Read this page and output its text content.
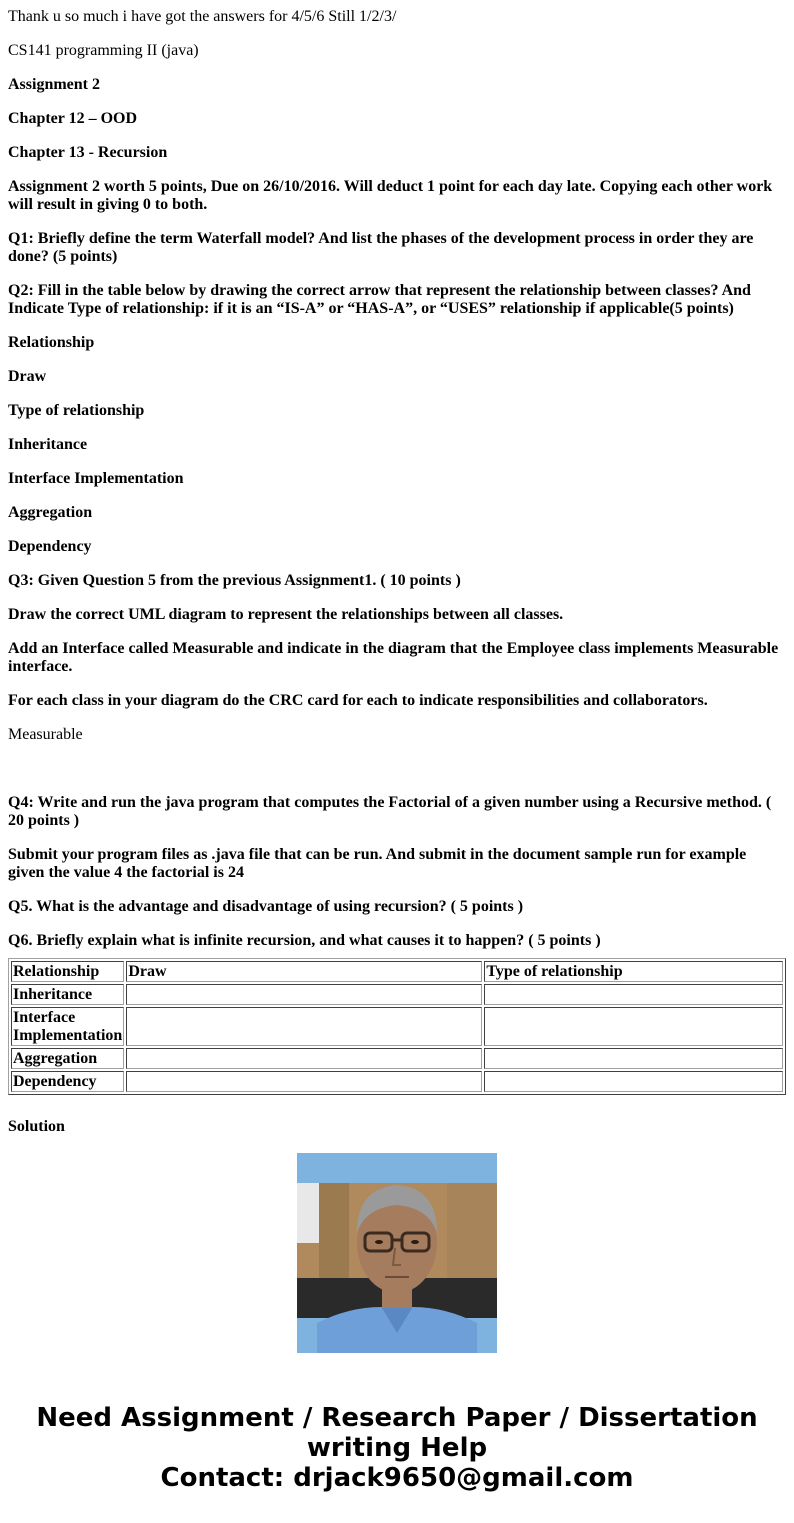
Thank u so much i have got the answers for 4/5/6 Still 1/2/3/

CS141 programming II (java)

Assignment 2

Chapter 12 – OOD

Chapter 13 - Recursion

Assignment 2 worth 5 points, Due on 26/10/2016. Will deduct 1 point for each day late. Copying each other work will result in giving 0 to both.

Q1: Briefly define the term Waterfall model? And list the phases of the development process in order they are done? (5 points)

Q2: Fill in the table below by drawing the correct arrow that represent the relationship between classes? And Indicate Type of relationship: if it is an “IS-A” or “HAS-A”, or “USES” relationship if applicable(5 points)

Relationship

Draw

Type of relationship

Inheritance

Interface Implementation

Aggregation

Dependency

Q3: Given Question 5 from the previous Assignment1. ( 10 points )

Draw the correct UML diagram to represent the relationships between all classes.

Add an Interface called Measurable and indicate in the diagram that the Employee class implements Measurable interface.

For each class in your diagram do the CRC card for each to indicate responsibilities and collaborators.

Measurable

Q4: Write and run the java program that computes the Factorial of a given number using a Recursive method. ( 20 points )

Submit your program files as .java file that can be run. And submit in the document sample run for example given the value 4 the factorial is 24

Q5. What is the advantage and disadvantage of using recursion? ( 5 points )

Q6. Briefly explain what is infinite recursion, and what causes it to happen? ( 5 points )

Relationship	Draw	Type of relationship
Inheritance		
Interface Implementation		
Aggregation		
Dependency		
Solution
Need Assignment / Research Paper / Dissertation
writing Help
Contact: drjack9650@gmail.com
